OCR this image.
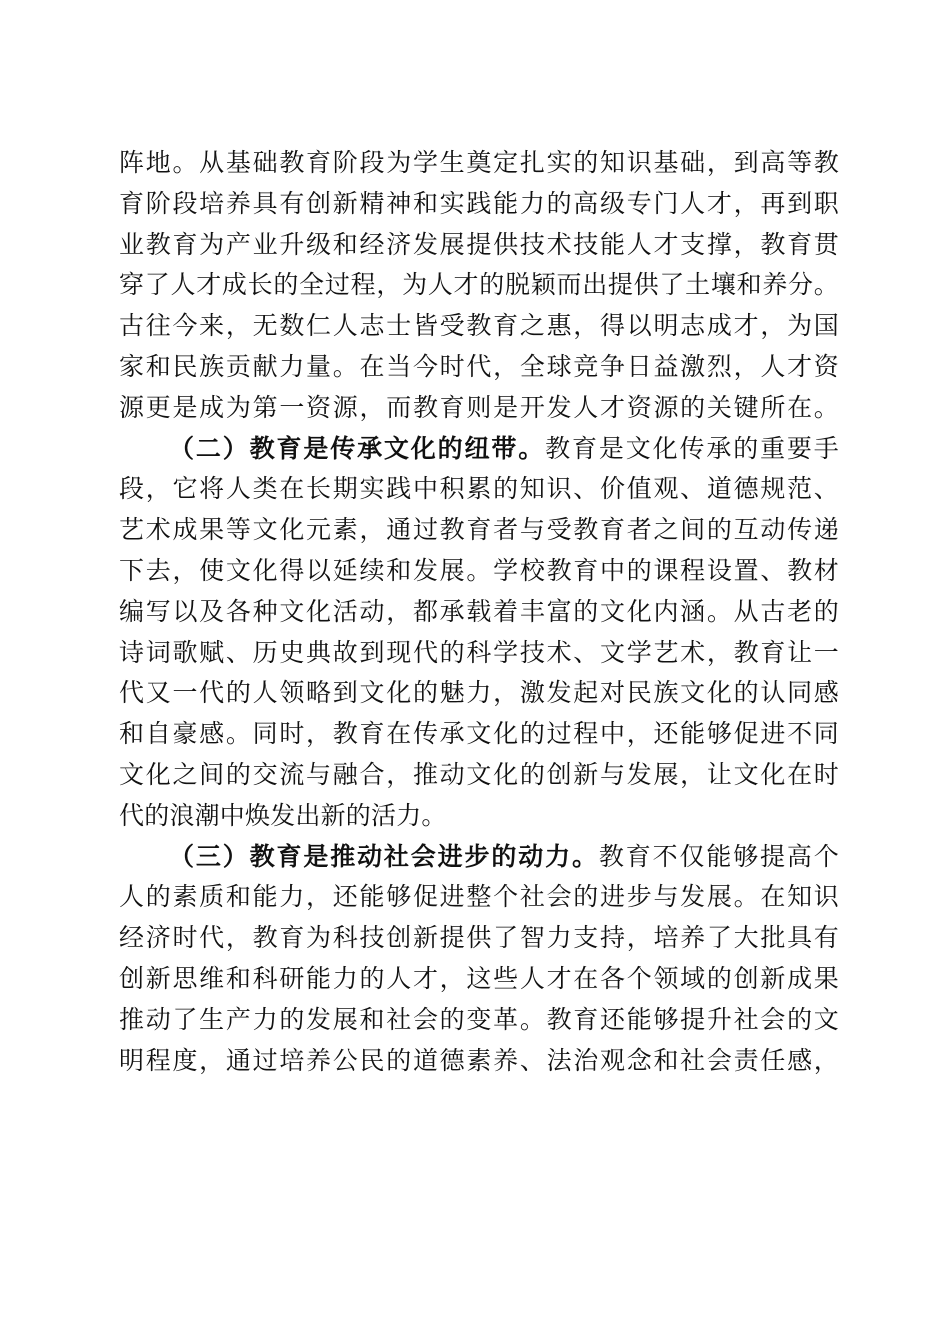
阵地。从基础教育阶段为学生奠定扎实的知识基础，到高等教
育阶段培养具有创新精神和实践能力的高级专门人才，再到职
业教育为产业升级和经济发展提供技术技能人才支撑，教育贯
穿了人才成长的全过程，为人才的脱颖而出提供了土壤和养分。
古往今来，无数仁人志士皆受教育之惠，得以明志成才，为国
家和民族贡献力量。在当今时代，全球竞争日益激烈，人才资
源更是成为第一资源，而教育则是开发人才资源的关键所在。
（二）教育是传承文化的纽带。教育是文化传承的重要手
段，它将人类在长期实践中积累的知识、价值观、道德规范、
艺术成果等文化元素，通过教育者与受教育者之间的互动传递
下去，使文化得以延续和发展。学校教育中的课程设置、教材
编写以及各种文化活动，都承载着丰富的文化内涵。从古老的
诗词歌赋、历史典故到现代的科学技术、文学艺术，教育让一
代又一代的人领略到文化的魅力，激发起对民族文化的认同感
和自豪感。同时，教育在传承文化的过程中，还能够促进不同
文化之间的交流与融合，推动文化的创新与发展，让文化在时
代的浪潮中焕发出新的活力。
（三）教育是推动社会进步的动力。教育不仅能够提高个
人的素质和能力，还能够促进整个社会的进步与发展。在知识
经济时代，教育为科技创新提供了智力支持，培养了大批具有
创新思维和科研能力的人才，这些人才在各个领域的创新成果
推动了生产力的发展和社会的变革。教育还能够提升社会的文
明程度，通过培养公民的道德素养、法治观念和社会责任感，
